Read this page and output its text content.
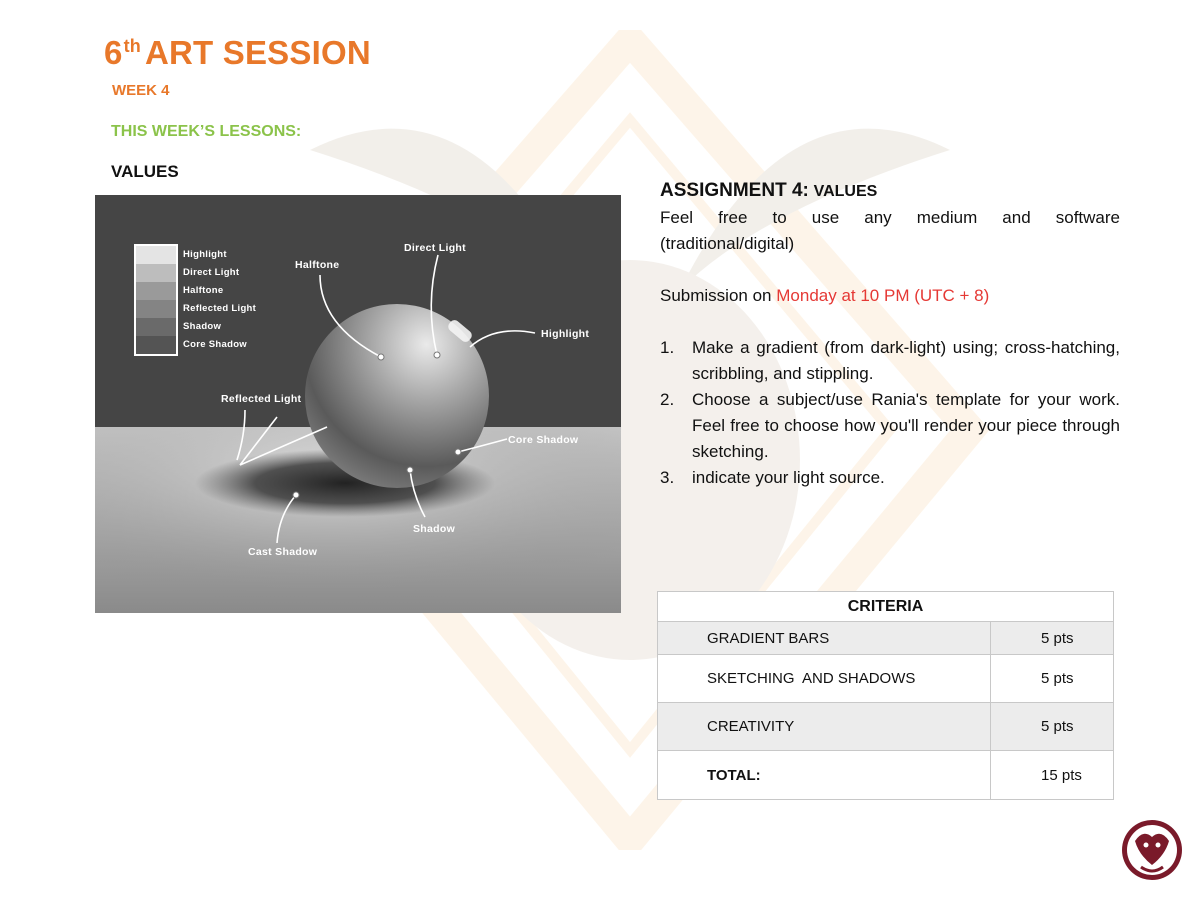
6th ART SESSION
WEEK 4
THIS WEEK’S LESSONS:
VALUES
Highlight
Direct Light
Halftone
Reflected Light
Shadow
Core Shadow
Halftone
Direct Light
Highlight
Reflected Light
Core Shadow
Shadow
Cast Shadow
ASSIGNMENT 4: VALUES
Feel free to use any medium and software
(traditional/digital)
Submission on Monday at 10 PM (UTC + 8)
1. Make a gradient (from dark-light) using; cross-hatching, scribbling, and stippling.
2. Choose a subject/use Rania's template for your work. Feel free to choose how you'll render your piece through sketching.
3. indicate your light source.
CRITERIA	
GRADIENT BARS	5 pts
SKETCHING  AND SHADOWS	5 pts
CREATIVITY	5 pts
TOTAL:	15 pts
